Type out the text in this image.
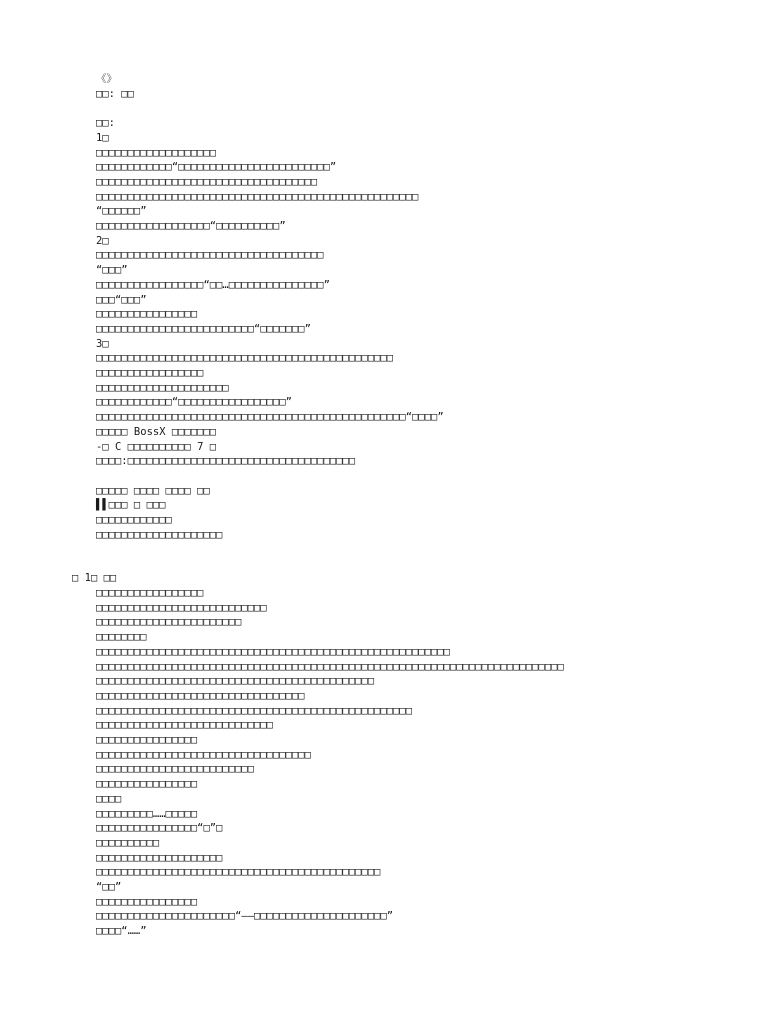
《》
□□: □□
□□:
1□
□□□□□□□□□□□□□□□□□□□
□□□□□□□□□□□□“□□□□□□□□□□□□□□□□□□□□□□□□”
□□□□□□□□□□□□□□□□□□□□□□□□□□□□□□□□□□□
□□□□□□□□□□□□□□□□□□□□□□□□□□□□□□□□□□□□□□□□□□□□□□□□□□□
“□□□□□□”
□□□□□□□□□□□□□□□□□□“□□□□□□□□□□”
2□
□□□□□□□□□□□□□□□□□□□□□□□□□□□□□□□□□□□□
“□□□”
□□□□□□□□□□□□□□□□□“□□…□□□□□□□□□□□□□□□”
□□□“□□□”
□□□□□□□□□□□□□□□□
□□□□□□□□□□□□□□□□□□□□□□□□□“□□□□□□□”
3□
□□□□□□□□□□□□□□□□□□□□□□□□□□□□□□□□□□□□□□□□□□□□□□□
□□□□□□□□□□□□□□□□□
□□□□□□□□□□□□□□□□□□□□□
□□□□□□□□□□□□“□□□□□□□□□□□□□□□□□”
□□□□□□□□□□□□□□□□□□□□□□□□□□□□□□□□□□□□□□□□□□□□□□□□□“□□□□”
□□□□□ BossX □□□□□□□
-□ C □□□□□□□□□□ 7 □
□□□□:□□□□□□□□□□□□□□□□□□□□□□□□□□□□□□□□□□□□
□□□□□ □□□□ □□□□ □□
▌▌□□□ □ □□□
□□□□□□□□□□□□
□□□□□□□□□□□□□□□□□□□□
□ 1□ □□
□□□□□□□□□□□□□□□□□
□□□□□□□□□□□□□□□□□□□□□□□□□□□
□□□□□□□□□□□□□□□□□□□□□□□
□□□□□□□□
□□□□□□□□□□□□□□□□□□□□□□□□□□□□□□□□□□□□□□□□□□□□□□□□□□□□□□□□
□□□□□□□□□□□□□□□□□□□□□□□□□□□□□□□□□□□□□□□□□□□□□□□□□□□□□□□□□□□□□□□□□□□□□□□□□□
□□□□□□□□□□□□□□□□□□□□□□□□□□□□□□□□□□□□□□□□□□□□
□□□□□□□□□□□□□□□□□□□□□□□□□□□□□□□□□
□□□□□□□□□□□□□□□□□□□□□□□□□□□□□□□□□□□□□□□□□□□□□□□□□□
□□□□□□□□□□□□□□□□□□□□□□□□□□□□
□□□□□□□□□□□□□□□□
□□□□□□□□□□□□□□□□□□□□□□□□□□□□□□□□□□
□□□□□□□□□□□□□□□□□□□□□□□□□
□□□□□□□□□□□□□□□□
□□□□
□□□□□□□□□……□□□□□
□□□□□□□□□□□□□□□□“□”□
□□□□□□□□□□
□□□□□□□□□□□□□□□□□□□□
□□□□□□□□□□□□□□□□□□□□□□□□□□□□□□□□□□□□□□□□□□□□□
“□□”
□□□□□□□□□□□□□□□□
□□□□□□□□□□□□□□□□□□□□□□“——□□□□□□□□□□□□□□□□□□□□□”
□□□□“……”
